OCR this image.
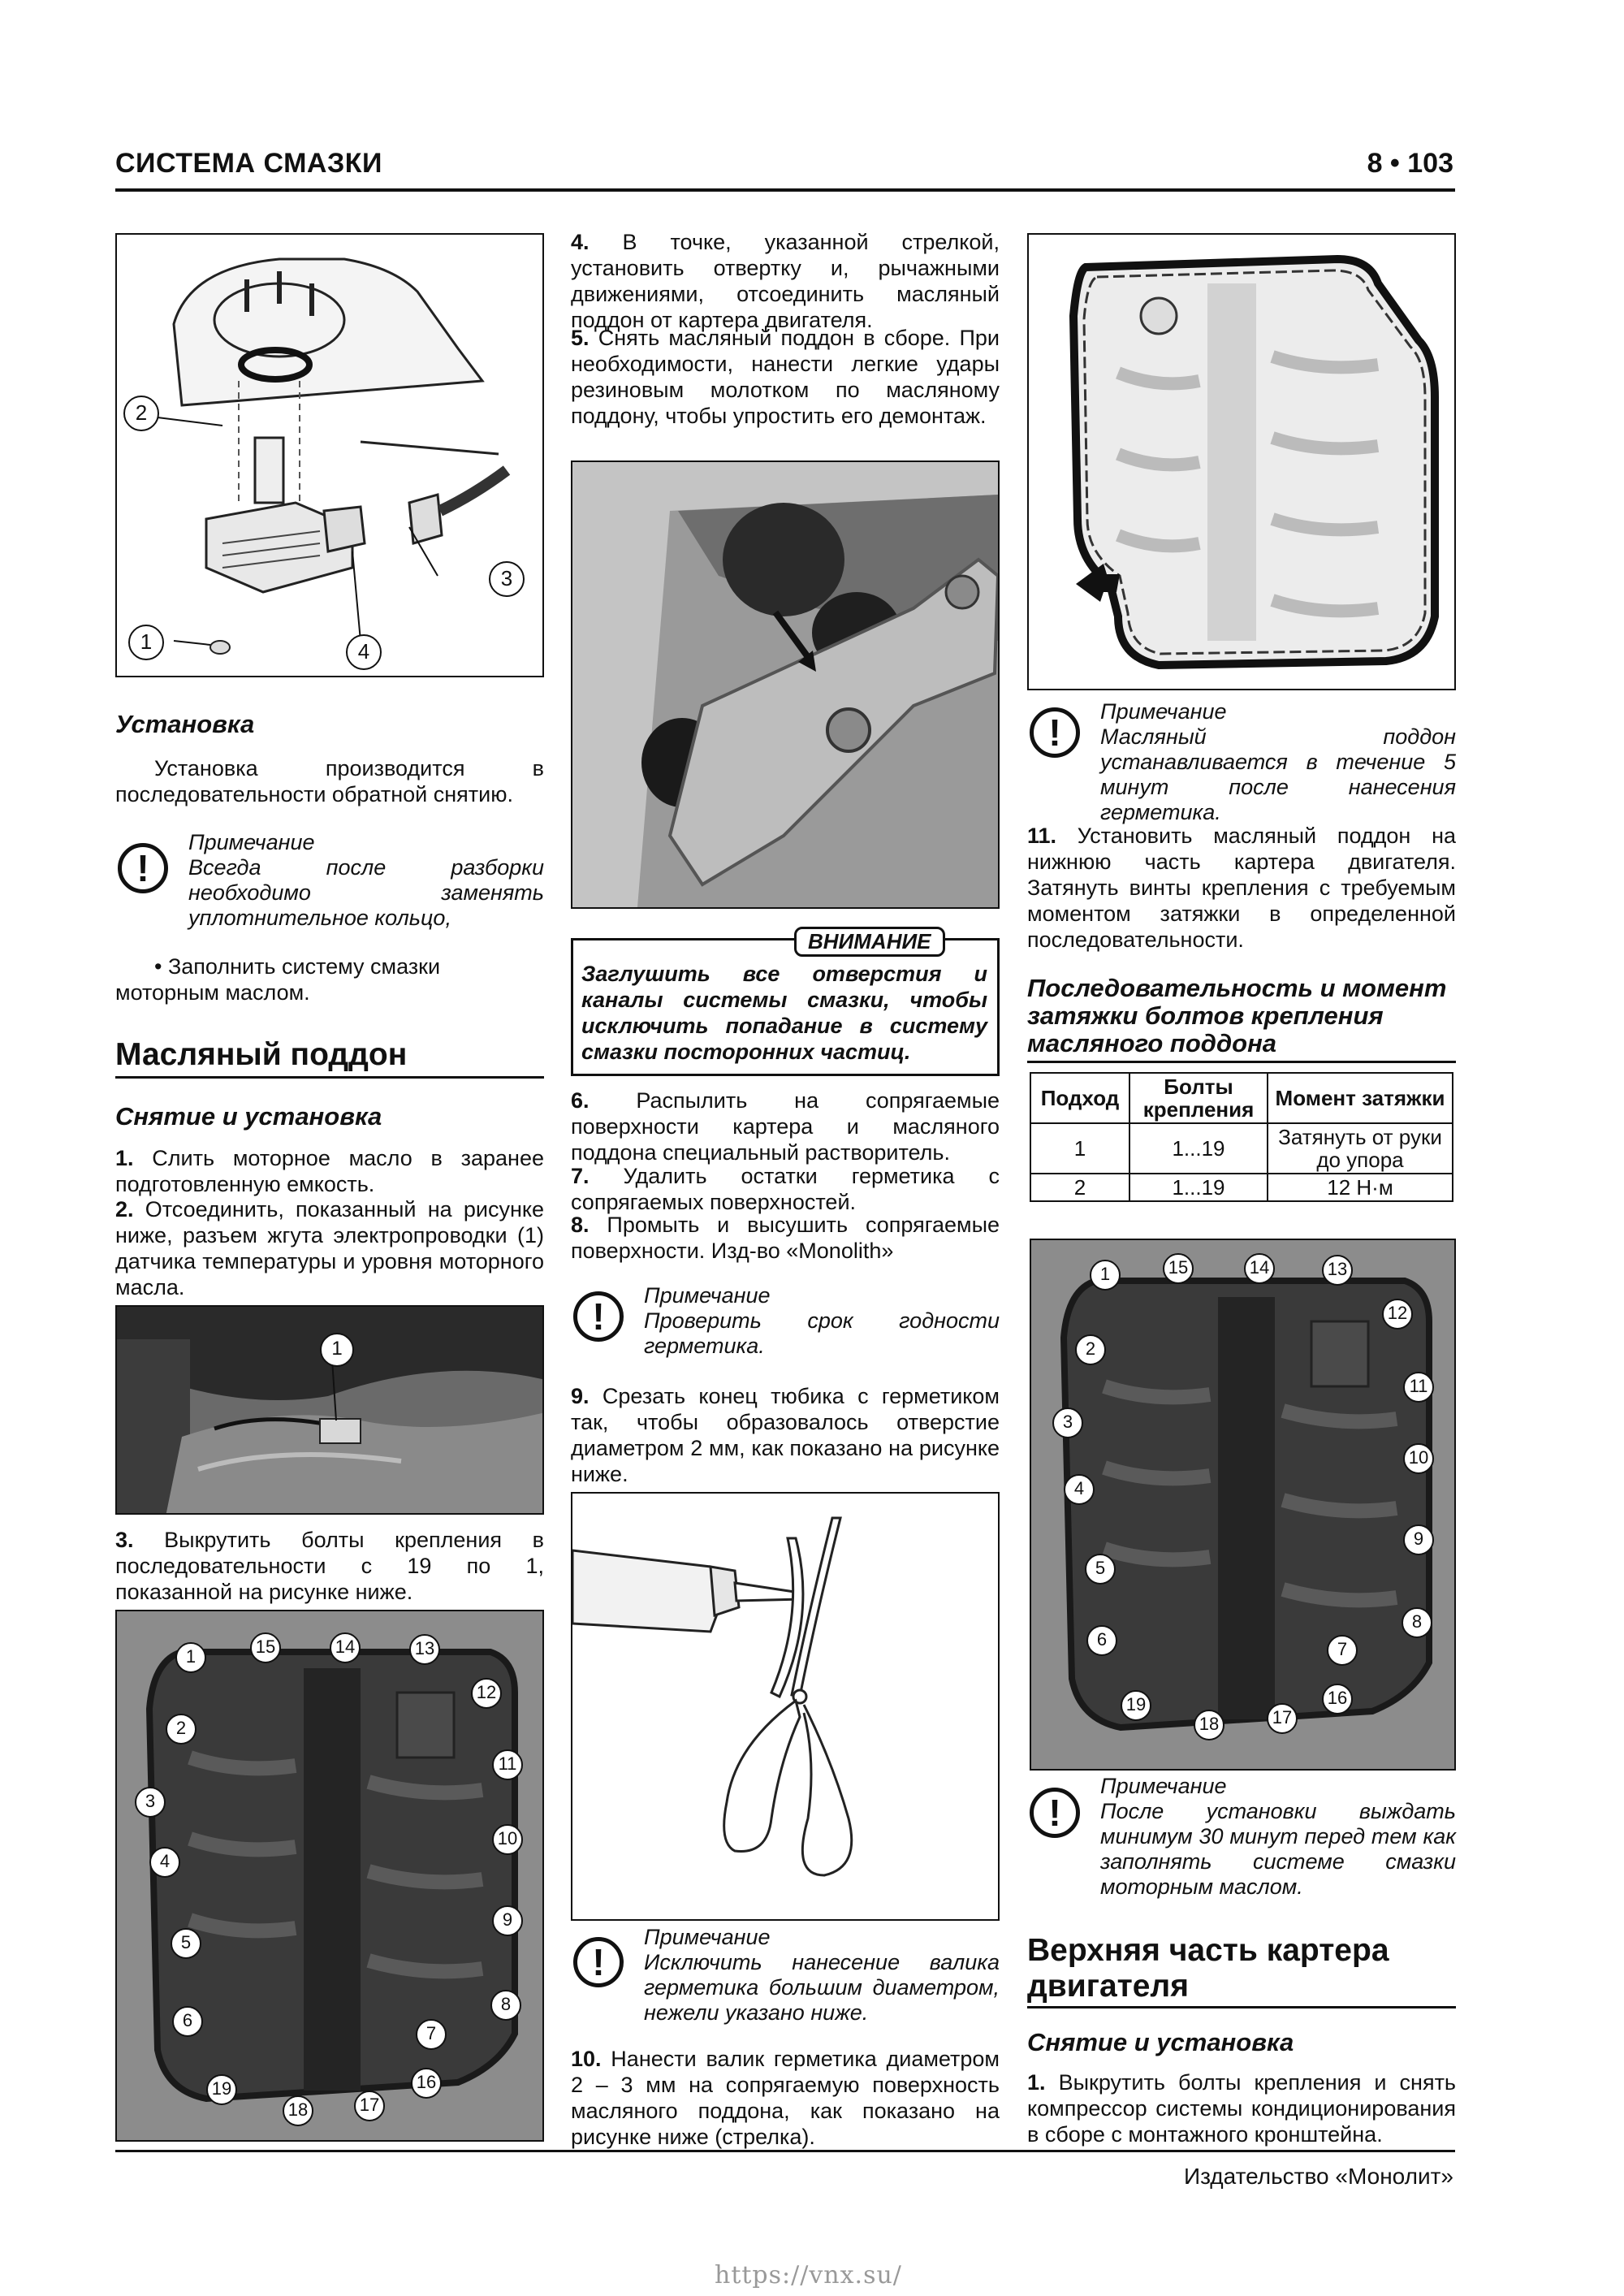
СИСТЕМА СМАЗКИ	8 • 103
2
3
4
1
Установка

Установка производится в последовательности обратной снятию.

!
Примечание

Всегда после разборки необходимо заменять уплотнительное кольцо,

• Заполнить систему смазки моторным маслом.

Масляный поддон
Снятие и установка

1. Слить моторное масло в заранее подготовленную емкость.

2. Отсоединить, показанный на рисунке ниже, разъем жгута электропроводки (1) датчика температуры и уровня моторного масла.

1

3. Выкрутить болты крепления в последовательности с 19 по 1, показанной на рисунке ниже.

1
2
3
4
5
6
7
8
9
10
11
12
13
14
15
16
17
18
19

4. В точке, указанной стрелкой, установить отвертку и, рычажными движениями, отсоединить масляный поддон от картера двигателя.

5. Снять масляный поддон в сборе. При необходимости, нанести легкие удары резиновым молотком по масляному поддону, чтобы упростить его демонтаж.

ВНИМАНИЕ

Заглушить все отверстия и каналы системы смазки, чтобы исключить попадание в систему смазки посторонних частиц.

6. Распылить на сопрягаемые поверхности картера и масляного поддона специальный растворитель.

7. Удалить остатки герметика с сопрягаемых поверхностей.

8. Промыть и высушить сопрягаемые поверхности. Изд-во «Monolith»

!	Примечание

Проверить срок годности герметика.

9. Срезать конец тюбика с герметиком так, чтобы образовалось отверстие диаметром 2 мм, как показано на рисунке ниже.

!
Примечание

Исключить нанесение валика герметика большим диаметром, нежели указано ниже.

10. Нанести валик герметика диаметром 2 – 3 мм на сопрягаемую поверхность масляного поддона, как показано на рисунке ниже (стрелка).

!	Примечание

Масляный поддон устанавливается в течение 5 минут после нанесения герметика.

11. Установить масляный поддон на нижнюю часть картера двигателя. Затянуть винты крепления с требуемым моментом затяжки в определенной последовательности.

Последовательность и момент затяжки болтов крепления масляного поддона
Подход	Болты крепления	Момент затяжки
1	1...19	Затянуть от руки до упора
2	1...19	12 Н·м
1
2
3
4
5
6	7
8
9
10
11
12
13
14
15
16
17
18
19
!
Примечание

После установки выждать минимум 30 минут перед тем как заполнять системе смазки моторным маслом.

Верхняя часть картера двигателя
Снятие и установка

1. Выкрутить болты крепления и снять компрессор системы кондиционирования в сборе с монтажного кронштейна.

Издательство «Монолит»
https://vnx.su/
